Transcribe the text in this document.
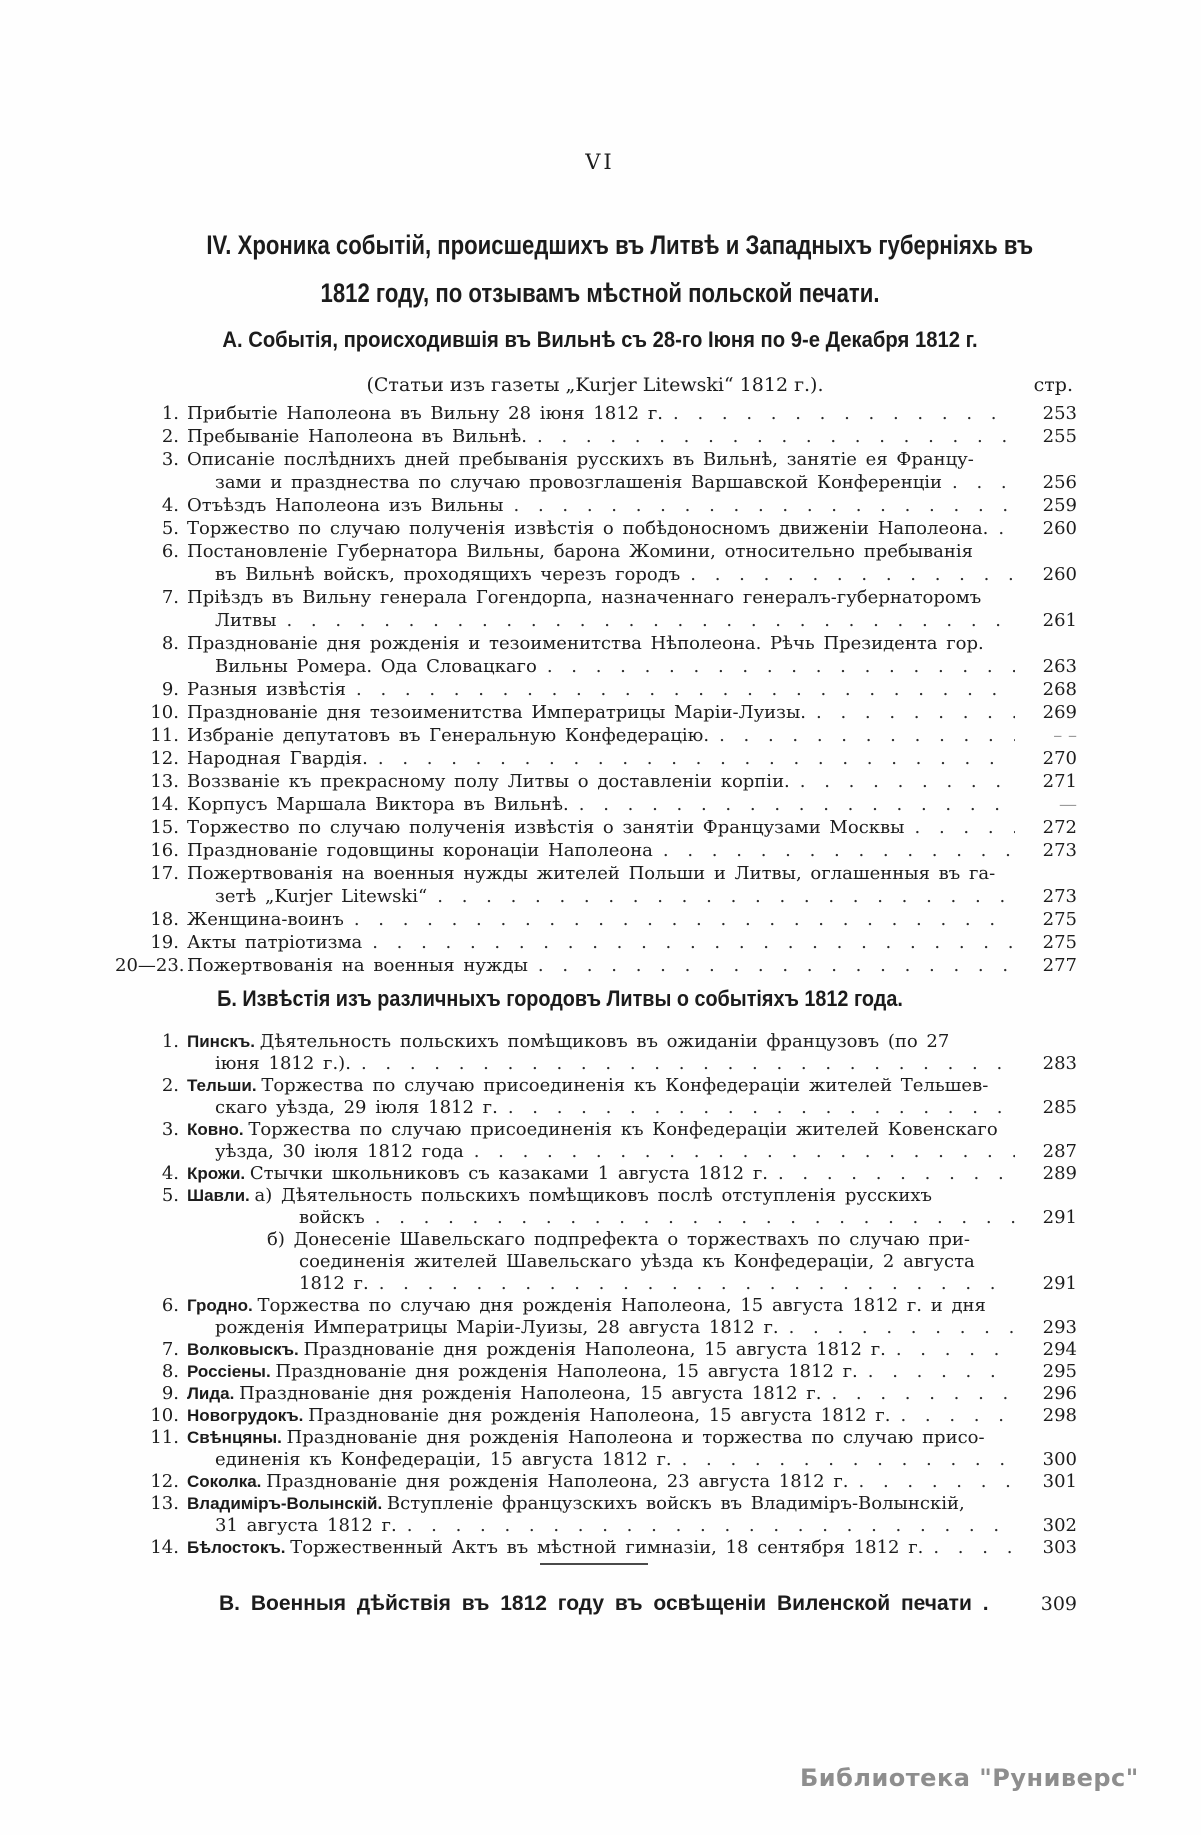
VI
IV. Хроника событій, происшедшихъ въ Литвѣ и Западныхъ губерніяхь въ
1812 году, по отзывамъ мѣстной польской печати.
А. Событія, происходившія въ Вильнѣ съ 28-го Іюня по 9-е Декабря 1812 г.
(Статьи изъ газеты „Kurjer Litewski“ 1812 г.).	стр.
1. Прибытіе Наполеона въ Вильну 28 іюня 1812 г. . . .	253
2. Пребываніе Наполеона въ Вильнѣ. . . .	255
3. Описаніе послѣднихъ дней пребыванія русскихъ въ Вильнѣ, занятіе ея Францу-
зами и празднества по случаю провозглашенія Варшавской Конференціи . . .	256
4. Отъѣздъ Наполеона изъ Вильны . . .	259
5. Торжество по случаю полученія извѣстія о побѣдоносномъ движеніи Наполеона. . . .	260
6. Постановленіе Губернатора Вильны, барона Жомини, относительно пребыванія
въ Вильнѣ войскъ, проходящихъ черезъ городъ . . .	260
7. Пріѣздъ въ Вильну генерала Гогендорпа, назначеннаго генералъ-губернаторомъ
Литвы . . .	261
8. Празднованіе дня рожденія и тезоименитства Нѣполеона. Рѣчь Президента гор.
Вильны Ромера. Ода Словацкаго . . .	263
9. Разныя извѣстія . . .	268
10. Празднованіе дня тезоименитства Императрицы Маріи-Луизы. . . .	269
11. Избраніе депутатовъ въ Генеральную Конфедерацію. . . .	– –
12. Народная Гвардія. . . .	270
13. Воззваніе къ прекрасному полу Литвы о доставленіи корпіи. . . .	271
14. Корпусъ Маршала Виктора въ Вильнѣ. . . .	—
15. Торжество по случаю полученія извѣстія о занятіи Французами Москвы . . .	272
16. Празднованіе годовщины коронаціи Наполеона . . .	273
17. Пожертвованія на военныя нужды жителей Польши и Литвы, оглашенныя въ га-
зетѣ „Kurjer Litewski“ . . .	273
18. Женщина-воинъ . . .	275
19. Акты патріотизма . . .	275
20—23. Пожертвованія на военныя нужды . . .	277
Б. Извѣстія изъ различныхъ городовъ Литвы о событіяхъ 1812 года.
1. Пинскъ. Дѣятельность польскихъ помѣщиковъ въ ожиданіи французовъ (по 27
іюня 1812 г.). . . .	283
2. Тельши. Торжества по случаю присоединенія къ Конфедераціи жителей Тельшев-
скаго уѣзда, 29 іюля 1812 г. . . .	285
3. Ковно. Торжества по случаю присоединенія къ Конфедераціи жителей Ковенскаго
уѣзда, 30 іюля 1812 года . . .	287
4. Крожи. Стычки школьниковъ съ казаками 1 августа 1812 г. . . .	289
5. Шавли. а) Дѣятельность польскихъ помѣщиковъ послѣ отступленія русскихъ
войскъ . . .	291
б) Донесеніе Шавельскаго подпрефекта о торжествахъ по случаю при-
соединенія жителей Шавельскаго уѣзда къ Конфедераціи, 2 августа
1812 г. . . .	291
6. Гродно. Торжества по случаю дня рожденія Наполеона, 15 августа 1812 г. и дня
рожденія Императрицы Маріи-Луизы, 28 августа 1812 г. . . .	293
7. Волковыскъ. Празднованіе дня рожденія Наполеона, 15 августа 1812 г. . . .	294
8. Россіены. Празднованіе дня рожденія Наполеона, 15 августа 1812 г. . . .	295
9. Лида. Празднованіе дня рожденія Наполеона, 15 августа 1812 г. . . .	296
10. Новогрудокъ. Празднованіе дня рожденія Наполеона, 15 августа 1812 г. . . .	298
11. Свѣнцяны. Празднованіе дня рожденія Наполеона и торжества по случаю присо-
единенія къ Конфедераціи, 15 августа 1812 г. . . .	300
12. Соколка. Празднованіе дня рожденія Наполеона, 23 августа 1812 г. . . .	301
13. Владиміръ-Волынскій. Вступленіе французскихъ войскъ въ Владиміръ-Волынскій,
31 августа 1812 г. . . .	302
14. Бѣлостокъ. Торжественный Актъ въ мѣстной гимназіи, 18 сентября 1812 г. . . .	303
В. Военныя дѣйствія въ 1812 году въ освѣщеніи Виленской печати .	309
Библиотека "Руниверс"
